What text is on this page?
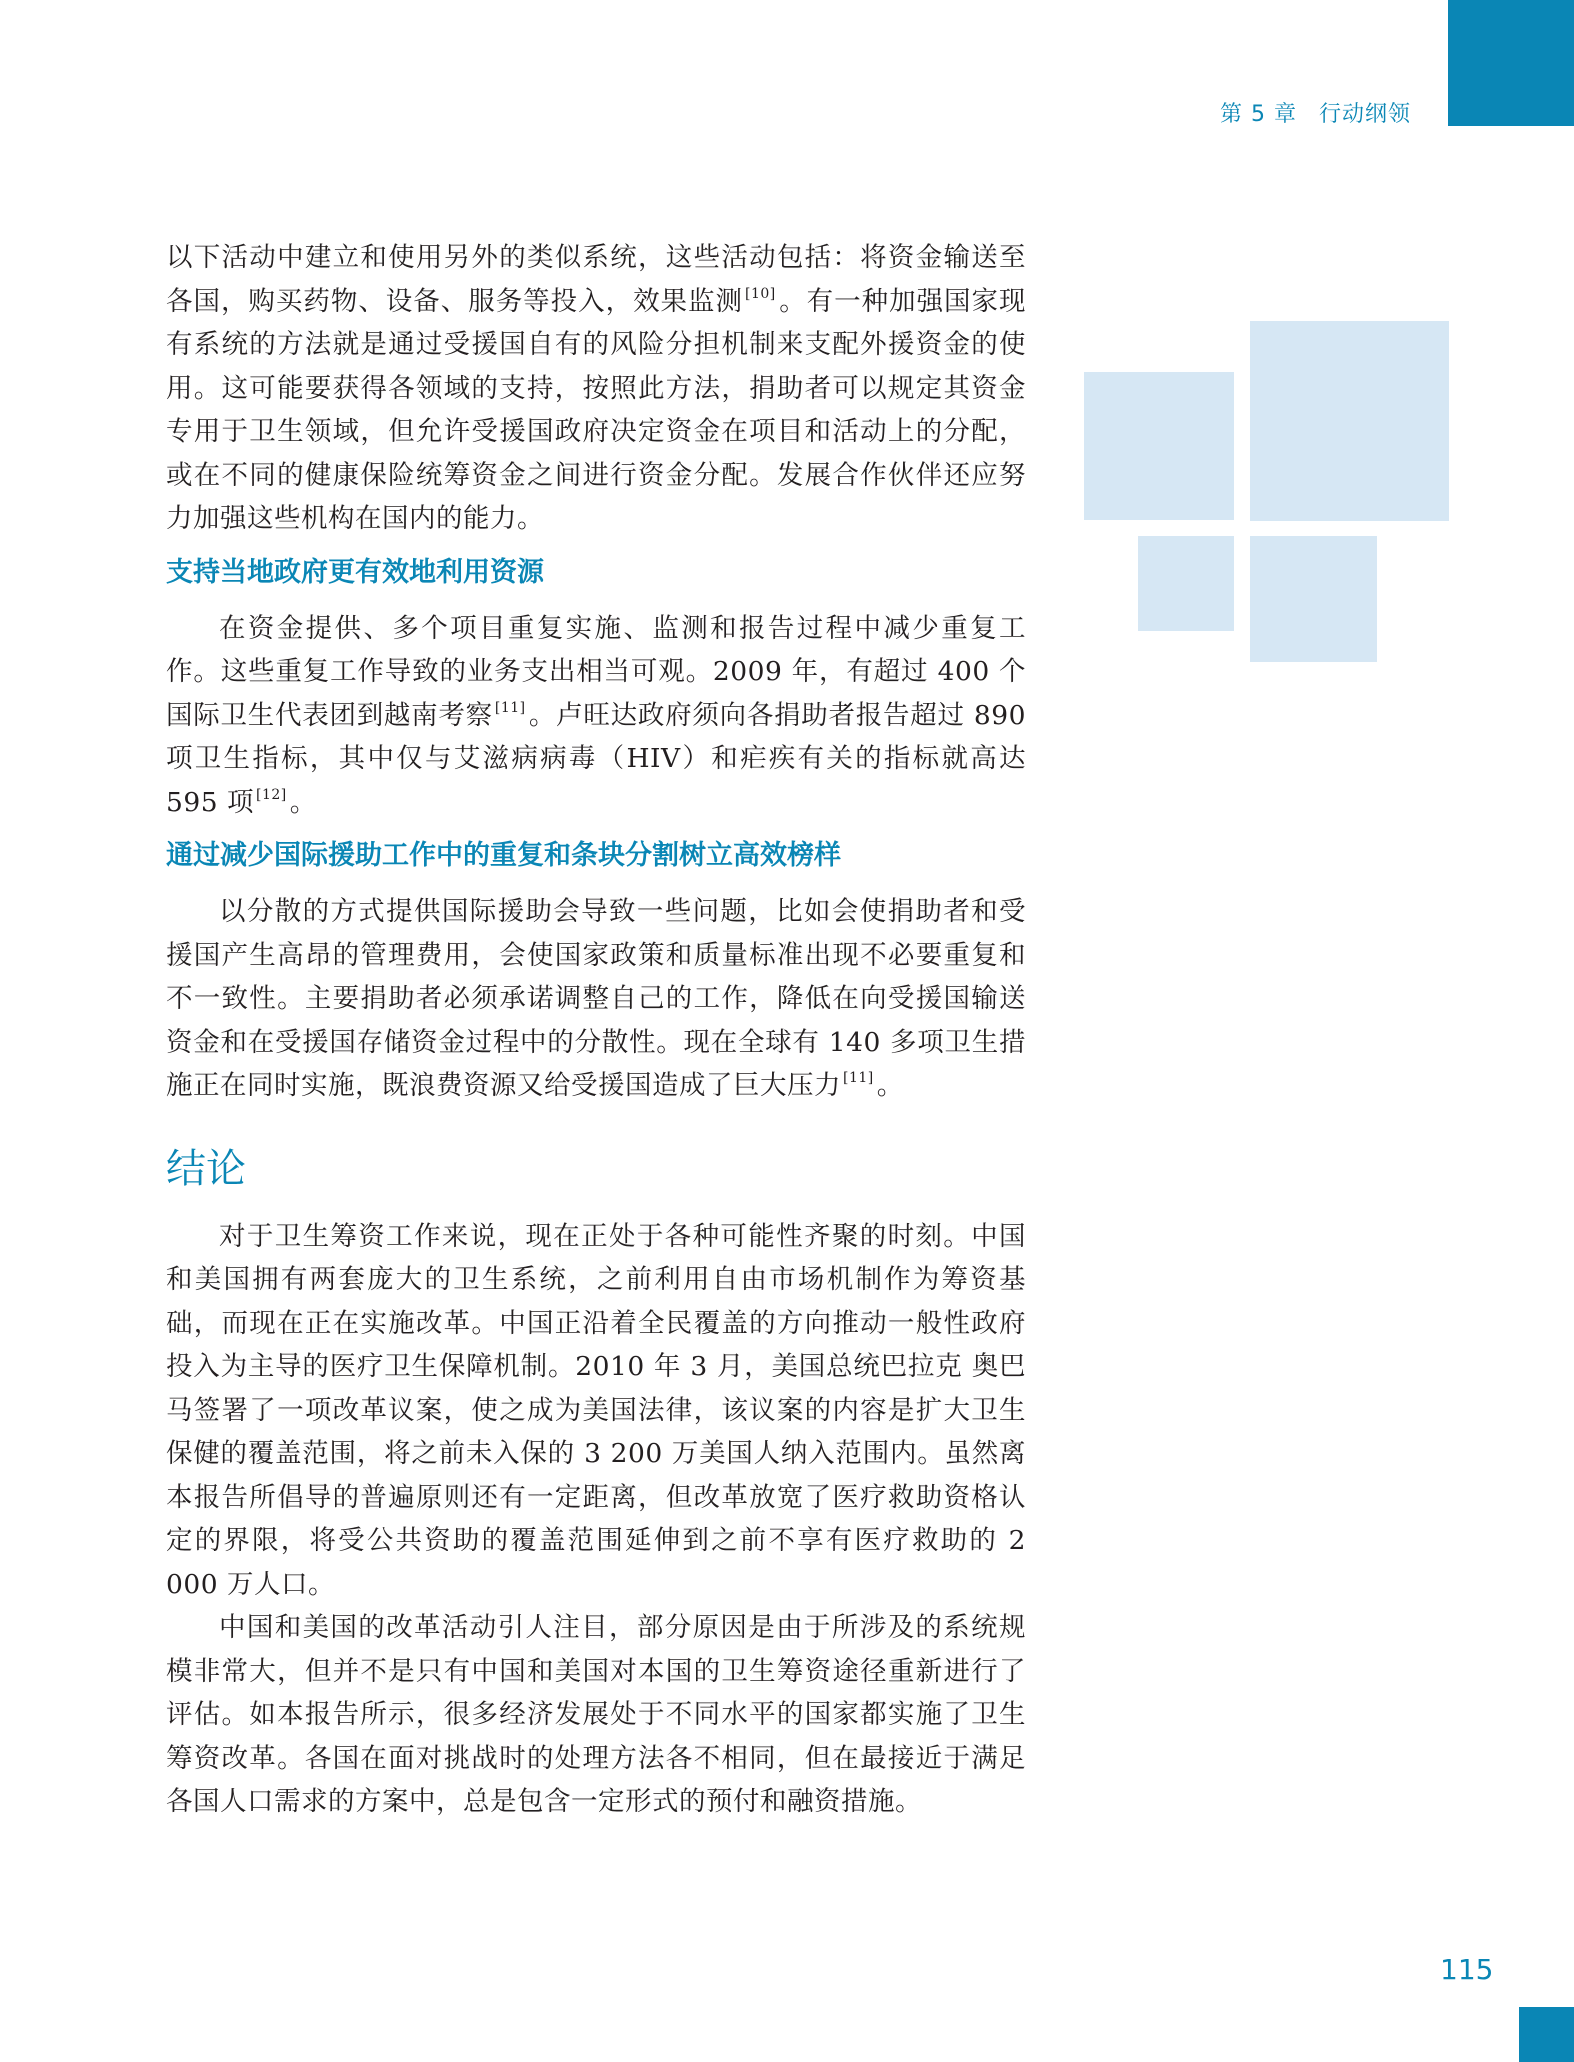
第 5 章 行动纲领

以下活动中建立和使用另外的类似系统，这些活动包括：将资金输送至各国，购买药物、设备、服务等投入，效果监测 [10] 。有一种加强国家现有系统的方法就是通过受援国自有的风险分担机制来支配外援资金的使用。这可能要获得各领域的支持，按照此方法，捐助者可以规定其资金专用于卫生领域，但允许受援国政府决定资金在项目和活动上的分配，或在不同的健康保险统筹资金之间进行资金分配。发展合作伙伴还应努力加强这些机构在国内的能力。

支持当地政府更有效地利用资源

在资金提供、多个项目重复实施、监测和报告过程中减少重复工作。这些重复工作导致的业务支出相当可观。2009 年，有超过 400 个国际卫生代表团到越南考察 [11] 。卢旺达政府须向各捐助者报告超过 890 项卫生指标，其中仅与艾滋病病毒（HIV）和疟疾有关的指标就高达 595 项 [12] 。

通过减少国际援助工作中的重复和条块分割树立高效榜样

以分散的方式提供国际援助会导致一些问题，比如会使捐助者和受援国产生高昂的管理费用，会使国家政策和质量标准出现不必要重复和不一致性。主要捐助者必须承诺调整自己的工作，降低在向受援国输送资金和在受援国存储资金过程中的分散性。现在全球有 140 多项卫生措施正在同时实施，既浪费资源又给受援国造成了巨大压力 [11] 。

结论

对于卫生筹资工作来说，现在正处于各种可能性齐聚的时刻。中国和美国拥有两套庞大的卫生系统，之前利用自由市场机制作为筹资基础，而现在正在实施改革。中国正沿着全民覆盖的方向推动一般性政府投入为主导的医疗卫生保障机制。2010 年 3 月，美国总统巴拉克 奥巴马签署了一项改革议案，使之成为美国法律，该议案的内容是扩大卫生保健的覆盖范围，将之前未入保的 3 200 万美国人纳入范围内。虽然离本报告所倡导的普遍原则还有一定距离，但改革放宽了医疗救助资格认定的界限，将受公共资助的覆盖范围延伸到之前不享有医疗救助的 2 000 万人口。

中国和美国的改革活动引人注目，部分原因是由于所涉及的系统规模非常大，但并不是只有中国和美国对本国的卫生筹资途径重新进行了评估。如本报告所示，很多经济发展处于不同水平的国家都实施了卫生筹资改革。各国在面对挑战时的处理方法各不相同，但在最接近于满足各国人口需求的方案中，总是包含一定形式的预付和融资措施。

115
